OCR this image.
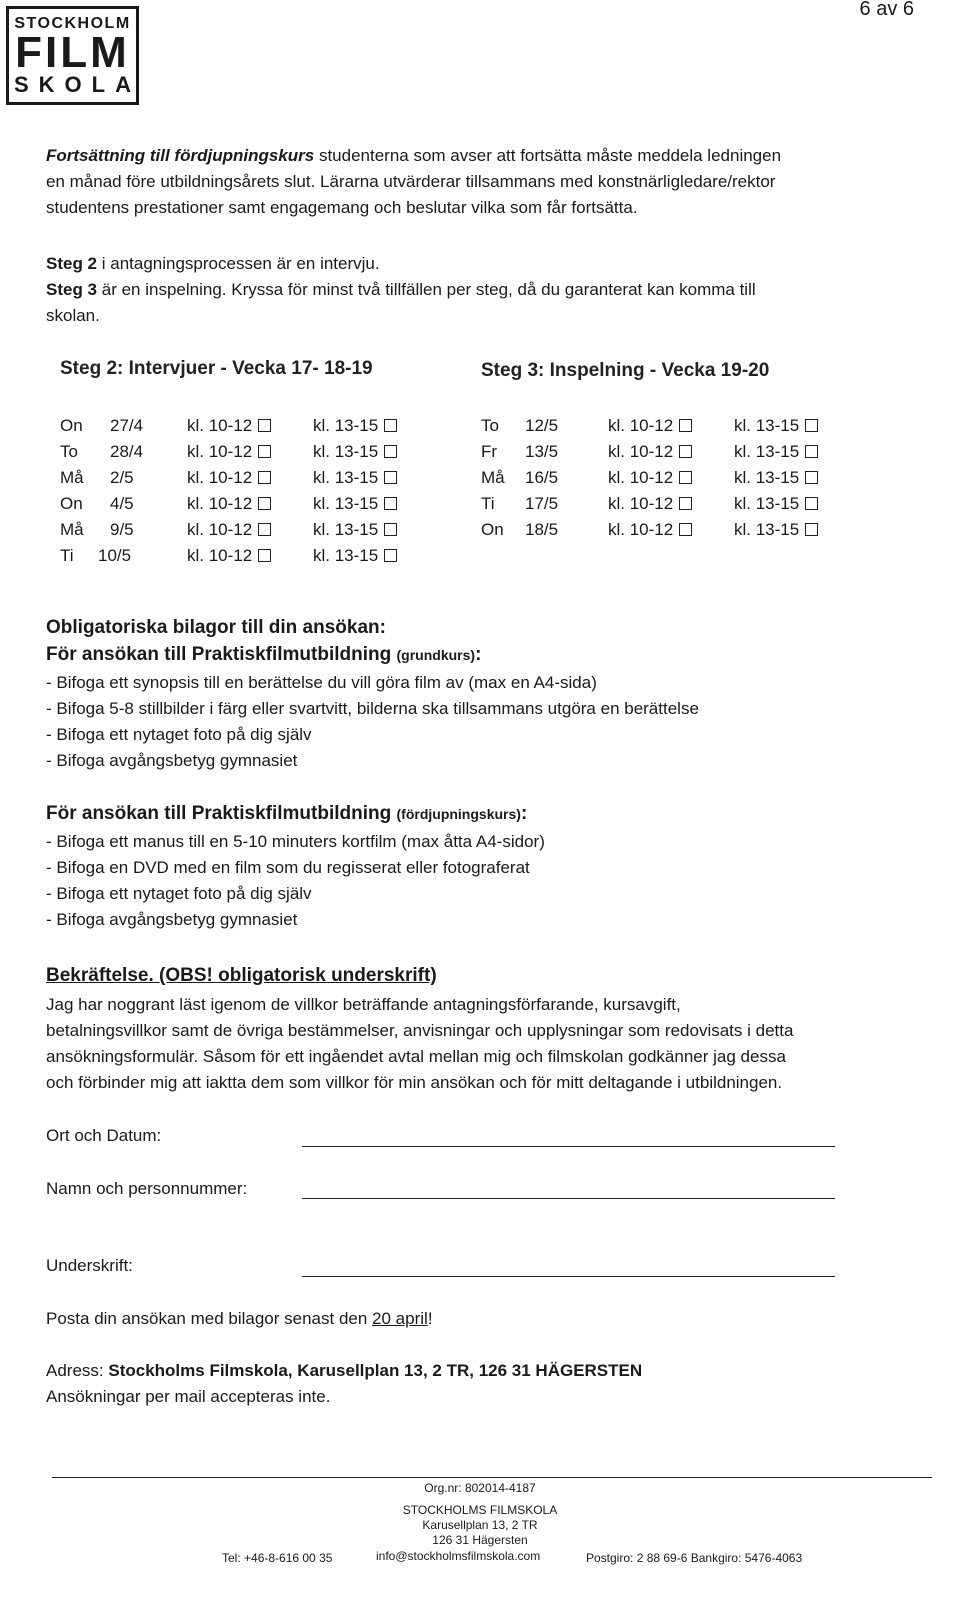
STOCKHOLM
FILM
SKOLA
6 av 6
Fortsättning till fördjupningskurs studenterna som avser att fortsätta måste meddela ledningen
en månad före utbildningsårets slut. Lärarna utvärderar tillsammans med konstnärligledare/rektor
studentens prestationer samt engagemang och beslutar vilka som får fortsätta.
Steg 2 i antagningsprocessen är en intervju.
Steg 3 är en inspelning. Kryssa för minst två tillfällen per steg, då du garanterat kan komma till
skolan.
Steg 2: Intervjuer - Vecka 17- 18-19	Steg 3: Inspelning - Vecka 19-20
On 27/4	kl. 10-12	kl. 13-15
To 28/4	kl. 10-12	kl. 13-15
Må 2/5	kl. 10-12	kl. 13-15
On 4/5	kl. 10-12	kl. 13-15
Må 9/5	kl. 10-12	kl. 13-15
Ti 10/5	kl. 10-12	kl. 13-15
To 12/5	kl. 10-12	kl. 13-15
Fr 13/5	kl. 10-12	kl. 13-15
Må 16/5	kl. 10-12	kl. 13-15
Ti 17/5	kl. 10-12	kl. 13-15
On 18/5	kl. 10-12	kl. 13-15
Obligatoriska bilagor till din ansökan:
För ansökan till Praktiskfilmutbildning (grundkurs):
- Bifoga ett synopsis till en berättelse du vill göra film av (max en A4-sida)
- Bifoga 5-8 stillbilder i färg eller svartvitt, bilderna ska tillsammans utgöra en berättelse
- Bifoga ett nytaget foto på dig själv
- Bifoga avgångsbetyg gymnasiet
För ansökan till Praktiskfilmutbildning (fördjupningskurs):
- Bifoga ett manus till en 5-10 minuters kortfilm (max åtta A4-sidor)
- Bifoga en DVD med en film som du regisserat eller fotograferat
- Bifoga ett nytaget foto på dig själv
- Bifoga avgångsbetyg gymnasiet
Bekräftelse. (OBS! obligatorisk underskrift)
Jag har noggrant läst igenom de villkor beträffande antagningsförfarande, kursavgift,
betalningsvillkor samt de övriga bestämmelser, anvisningar och upplysningar som redovisats i detta
ansökningsformulär. Såsom för ett ingåendet avtal mellan mig och filmskolan godkänner jag dessa
och förbinder mig att iaktta dem som villkor för min ansökan och för mitt deltagande i utbildningen.
Ort och Datum:
Namn och personnummer:
Underskrift:
Posta din ansökan med bilagor senast den 20 april!
Adress: Stockholms Filmskola, Karusellplan 13, 2 TR, 126 31 HÄGERSTEN
Ansökningar per mail accepteras inte.
Org.nr: 802014-4187
STOCKHOLMS FILMSKOLA
Karusellplan 13, 2 TR
126 31 Hägersten
Tel: +46-8-616 00 35	info@stockholmsfilmskola.com	Postgiro: 2 88 69-6 Bankgiro: 5476-4063
